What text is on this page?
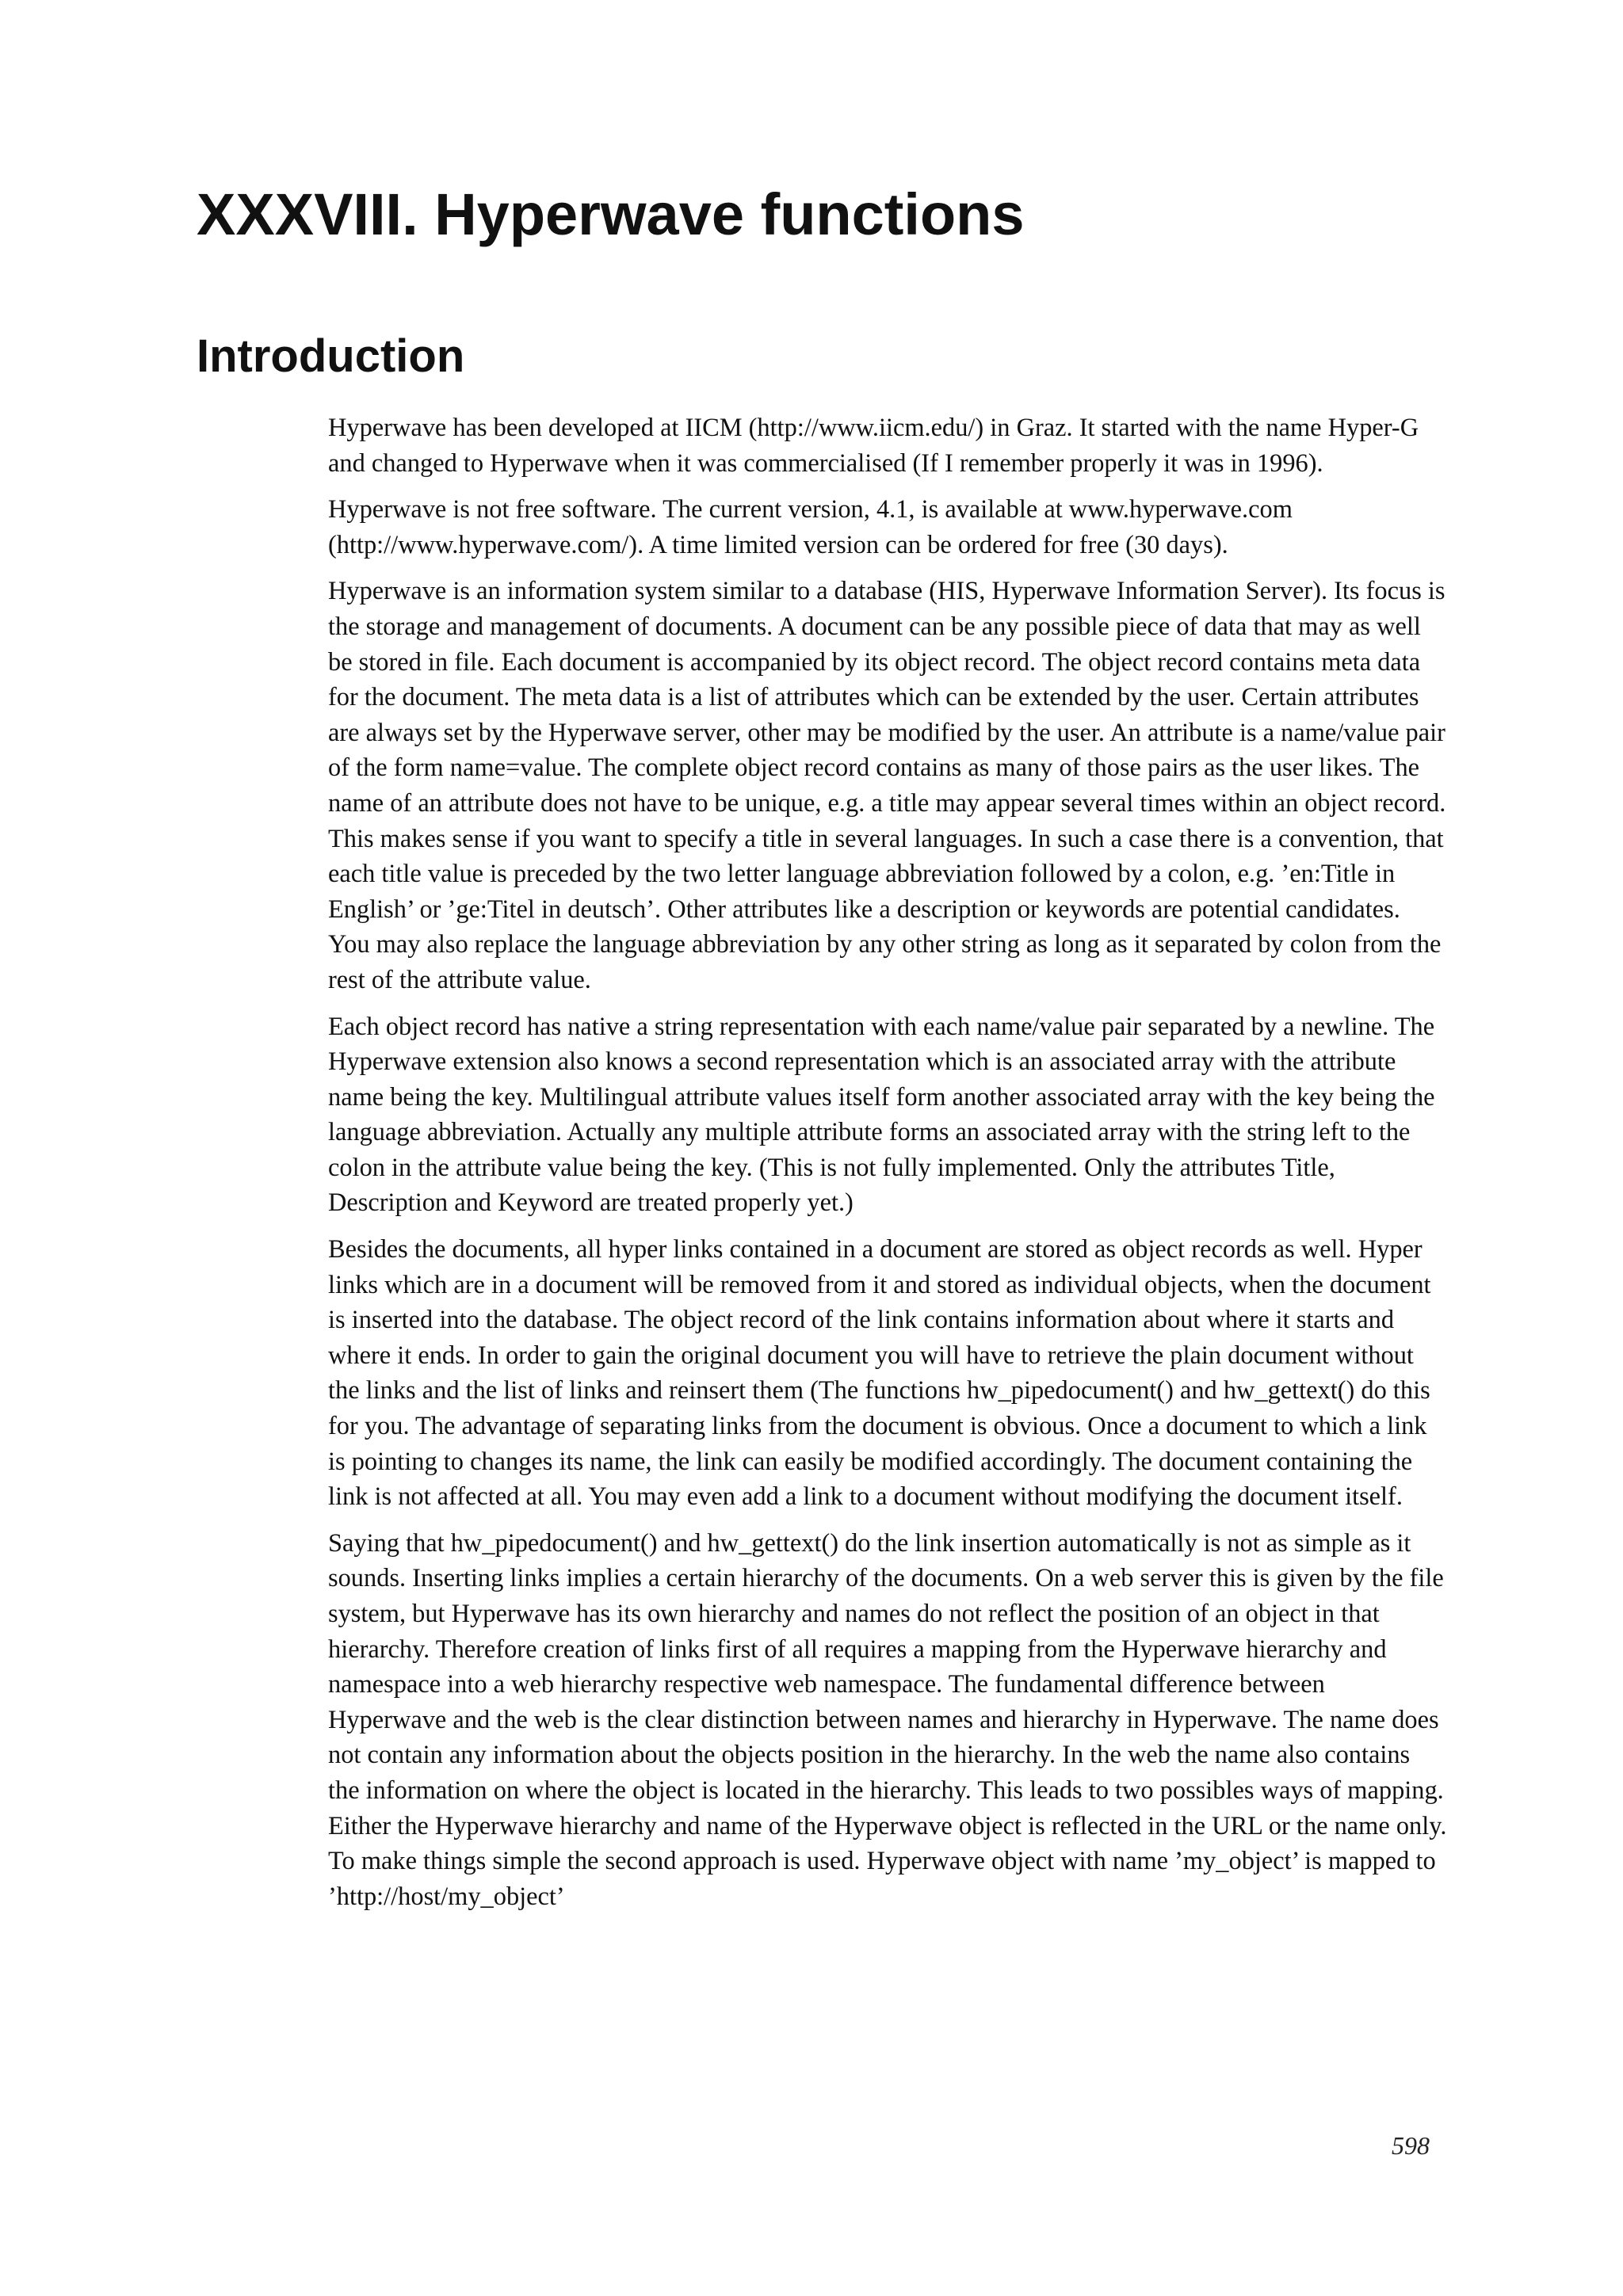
XXXVIII. Hyperwave functions
Introduction

Hyperwave has been developed at IICM (http://www.iicm.edu/) in Graz. It started with the name Hyper-G and changed to Hyperwave when it was commercialised (If I remember properly it was in 1996).

Hyperwave is not free software. The current version, 4.1, is available at www.hyperwave.com (http://www.hyperwave.com/). A time limited version can be ordered for free (30 days).

Hyperwave is an information system similar to a database (HIS, Hyperwave Information Server). Its focus is the storage and management of documents. A document can be any possible piece of data that may as well be stored in file. Each document is accompanied by its object record. The object record contains meta data for the document. The meta data is a list of attributes which can be extended by the user. Certain attributes are always set by the Hyperwave server, other may be modified by the user. An attribute is a name/value pair of the form name=value. The complete object record contains as many of those pairs as the user likes. The name of an attribute does not have to be unique, e.g. a title may appear several times within an object record. This makes sense if you want to specify a title in several languages. In such a case there is a convention, that each title value is preceded by the two letter language abbreviation followed by a colon, e.g. ’en:Title in English’ or ’ge:Titel in deutsch’. Other attributes like a description or keywords are potential candidates. You may also replace the language abbreviation by any other string as long as it separated by colon from the rest of the attribute value.

Each object record has native a string representation with each name/value pair separated by a newline. The Hyperwave extension also knows a second representation which is an associated array with the attribute name being the key. Multilingual attribute values itself form another associated array with the key being the language abbreviation. Actually any multiple attribute forms an associated array with the string left to the colon in the attribute value being the key. (This is not fully implemented. Only the attributes Title, Description and Keyword are treated properly yet.)

Besides the documents, all hyper links contained in a document are stored as object records as well. Hyper links which are in a document will be removed from it and stored as individual objects, when the document is inserted into the database. The object record of the link contains information about where it starts and where it ends. In order to gain the original document you will have to retrieve the plain document without the links and the list of links and reinsert them (The functions hw_pipedocument() and hw_gettext() do this for you. The advantage of separating links from the document is obvious. Once a document to which a link is pointing to changes its name, the link can easily be modified accordingly. The document containing the link is not affected at all. You may even add a link to a document without modifying the document itself.

Saying that hw_pipedocument() and hw_gettext() do the link insertion automatically is not as simple as it sounds. Inserting links implies a certain hierarchy of the documents. On a web server this is given by the file system, but Hyperwave has its own hierarchy and names do not reflect the position of an object in that hierarchy. Therefore creation of links first of all requires a mapping from the Hyperwave hierarchy and namespace into a web hierarchy respective web namespace. The fundamental difference between Hyperwave and the web is the clear distinction between names and hierarchy in Hyperwave. The name does not contain any information about the objects position in the hierarchy. In the web the name also contains the information on where the object is located in the hierarchy. This leads to two possibles ways of mapping. Either the Hyperwave hierarchy and name of the Hyperwave object is reflected in the URL or the name only. To make things simple the second approach is used. Hyperwave object with name ’my_object’ is mapped to ’http://host/my_object’

598
